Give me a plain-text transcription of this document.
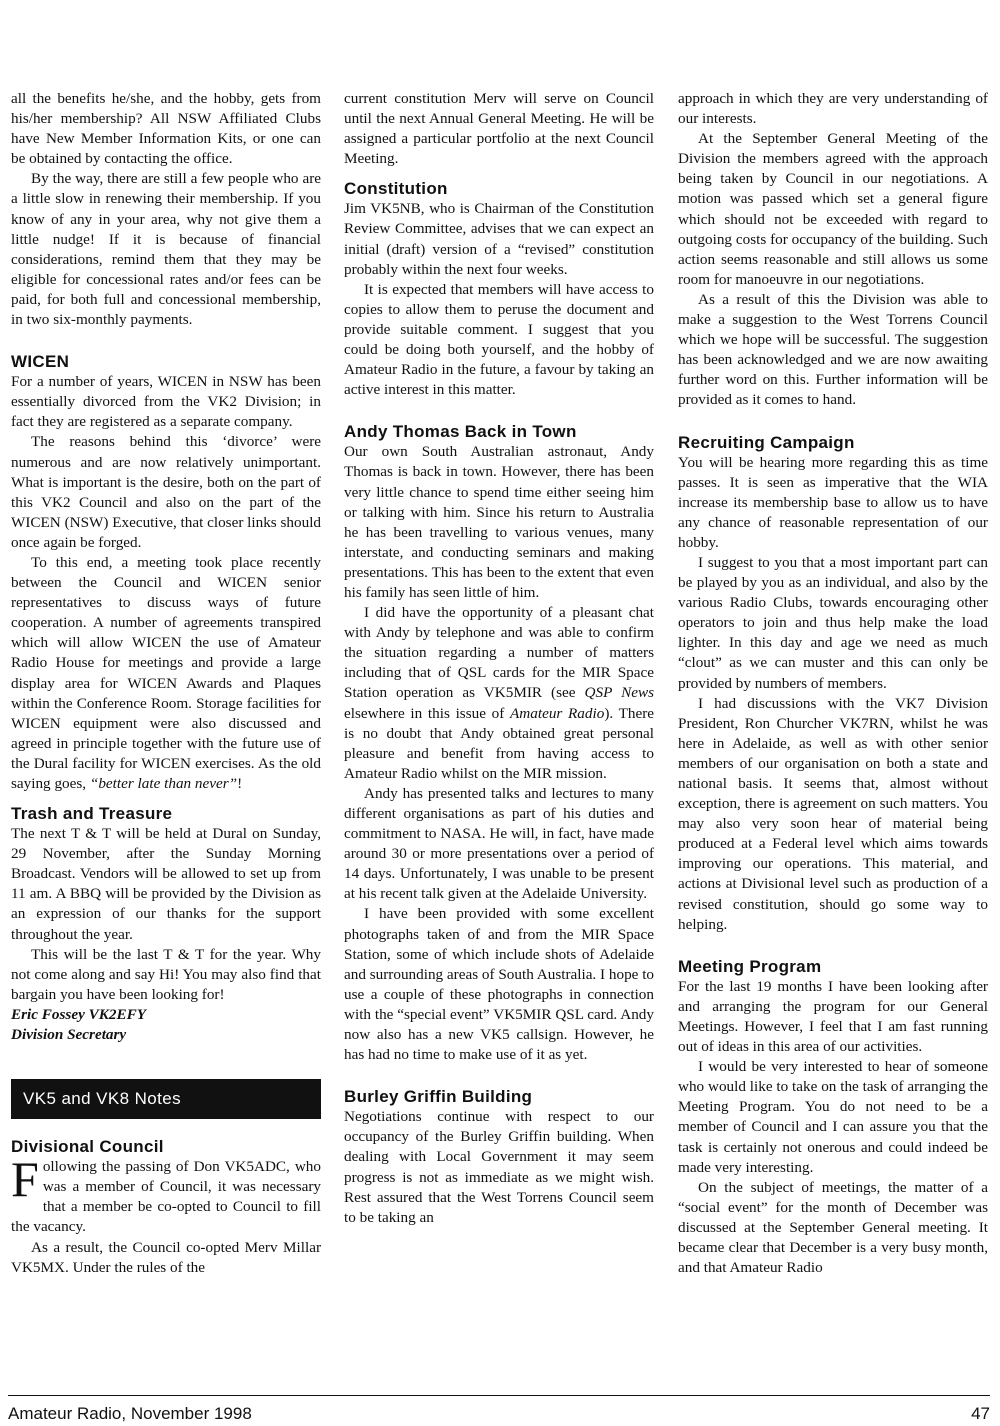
all the benefits he/she, and the hobby, gets from his/her membership? All NSW Affiliated Clubs have New Member Information Kits, or one can be obtained by contacting the office.

By the way, there are still a few people who are a little slow in renewing their membership. If you know of any in your area, why not give them a little nudge! If it is because of financial considerations, remind them that they may be eligible for concessional rates and/or fees can be paid, for both full and concessional membership, in two six-monthly payments.

WICEN

For a number of years, WICEN in NSW has been essentially divorced from the VK2 Division; in fact they are registered as a separate company.

The reasons behind this ‘divorce’ were numerous and are now relatively unimportant. What is important is the desire, both on the part of this VK2 Council and also on the part of the WICEN (NSW) Executive, that closer links should once again be forged.

To this end, a meeting took place recently between the Council and WICEN senior representatives to discuss ways of future cooperation. A number of agreements transpired which will allow WICEN the use of Amateur Radio House for meetings and provide a large display area for WICEN Awards and Plaques within the Conference Room. Storage facilities for WICEN equipment were also discussed and agreed in principle together with the future use of the Dural facility for WICEN exercises. As the old saying goes, “better late than never”!

Trash and Treasure

The next T & T will be held at Dural on Sunday, 29 November, after the Sunday Morning Broadcast. Vendors will be allowed to set up from 11 am. A BBQ will be provided by the Division as an expression of our thanks for the support throughout the year.

This will be the last T & T for the year. Why not come along and say Hi! You may also find that bargain you have been looking for!

Eric Fossey VK2EFY

Division Secretary

VK5 and VK8 Notes
Divisional Council

Following the passing of Don VK5ADC, who was a member of Council, it was necessary that a member be co-opted to Council to fill the vacancy.

As a result, the Council co-opted Merv Millar VK5MX. Under the rules of the

current constitution Merv will serve on Council until the next Annual General Meeting. He will be assigned a particular portfolio at the next Council Meeting.

Constitution

Jim VK5NB, who is Chairman of the Constitution Review Committee, advises that we can expect an initial (draft) version of a “revised” constitution probably within the next four weeks.

It is expected that members will have access to copies to allow them to peruse the document and provide suitable comment. I suggest that you could be doing both yourself, and the hobby of Amateur Radio in the future, a favour by taking an active interest in this matter.

Andy Thomas Back in Town

Our own South Australian astronaut, Andy Thomas is back in town. However, there has been very little chance to spend time either seeing him or talking with him. Since his return to Australia he has been travelling to various venues, many interstate, and conducting seminars and making presentations. This has been to the extent that even his family has seen little of him.

I did have the opportunity of a pleasant chat with Andy by telephone and was able to confirm the situation regarding a number of matters including that of QSL cards for the MIR Space Station operation as VK5MIR (see QSP News elsewhere in this issue of Amateur Radio). There is no doubt that Andy obtained great personal pleasure and benefit from having access to Amateur Radio whilst on the MIR mission.

Andy has presented talks and lectures to many different organisations as part of his duties and commitment to NASA. He will, in fact, have made around 30 or more presentations over a period of 14 days. Unfortunately, I was unable to be present at his recent talk given at the Adelaide University.

I have been provided with some excellent photographs taken of and from the MIR Space Station, some of which include shots of Adelaide and surrounding areas of South Australia. I hope to use a couple of these photographs in connection with the “special event” VK5MIR QSL card. Andy now also has a new VK5 callsign. However, he has had no time to make use of it as yet.

Burley Griffin Building

Negotiations continue with respect to our occupancy of the Burley Griffin building. When dealing with Local Government it may seem progress is not as immediate as we might wish. Rest assured that the West Torrens Council seem to be taking an

approach in which they are very understanding of our interests.

At the September General Meeting of the Division the members agreed with the approach being taken by Council in our negotiations. A motion was passed which set a general figure which should not be exceeded with regard to outgoing costs for occupancy of the building. Such action seems reasonable and still allows us some room for manoeuvre in our negotiations.

As a result of this the Division was able to make a suggestion to the West Torrens Council which we hope will be successful. The suggestion has been acknowledged and we are now awaiting further word on this. Further information will be provided as it comes to hand.

Recruiting Campaign

You will be hearing more regarding this as time passes. It is seen as imperative that the WIA increase its membership base to allow us to have any chance of reasonable representation of our hobby.

I suggest to you that a most important part can be played by you as an individual, and also by the various Radio Clubs, towards encouraging other operators to join and thus help make the load lighter. In this day and age we need as much “clout” as we can muster and this can only be provided by numbers of members.

I had discussions with the VK7 Division President, Ron Churcher VK7RN, whilst he was here in Adelaide, as well as with other senior members of our organisation on both a state and national basis. It seems that, almost without exception, there is agreement on such matters. You may also very soon hear of material being produced at a Federal level which aims towards improving our operations. This material, and actions at Divisional level such as production of a revised constitution, should go some way to helping.

Meeting Program

For the last 19 months I have been looking after and arranging the program for our General Meetings. However, I feel that I am fast running out of ideas in this area of our activities.

I would be very interested to hear of someone who would like to take on the task of arranging the Meeting Program. You do not need to be a member of Council and I can assure you that the task is certainly not onerous and could indeed be made very interesting.

On the subject of meetings, the matter of a “social event” for the month of December was discussed at the September General meeting. It became clear that December is a very busy month, and that Amateur Radio

Amateur Radio, November 1998	47
